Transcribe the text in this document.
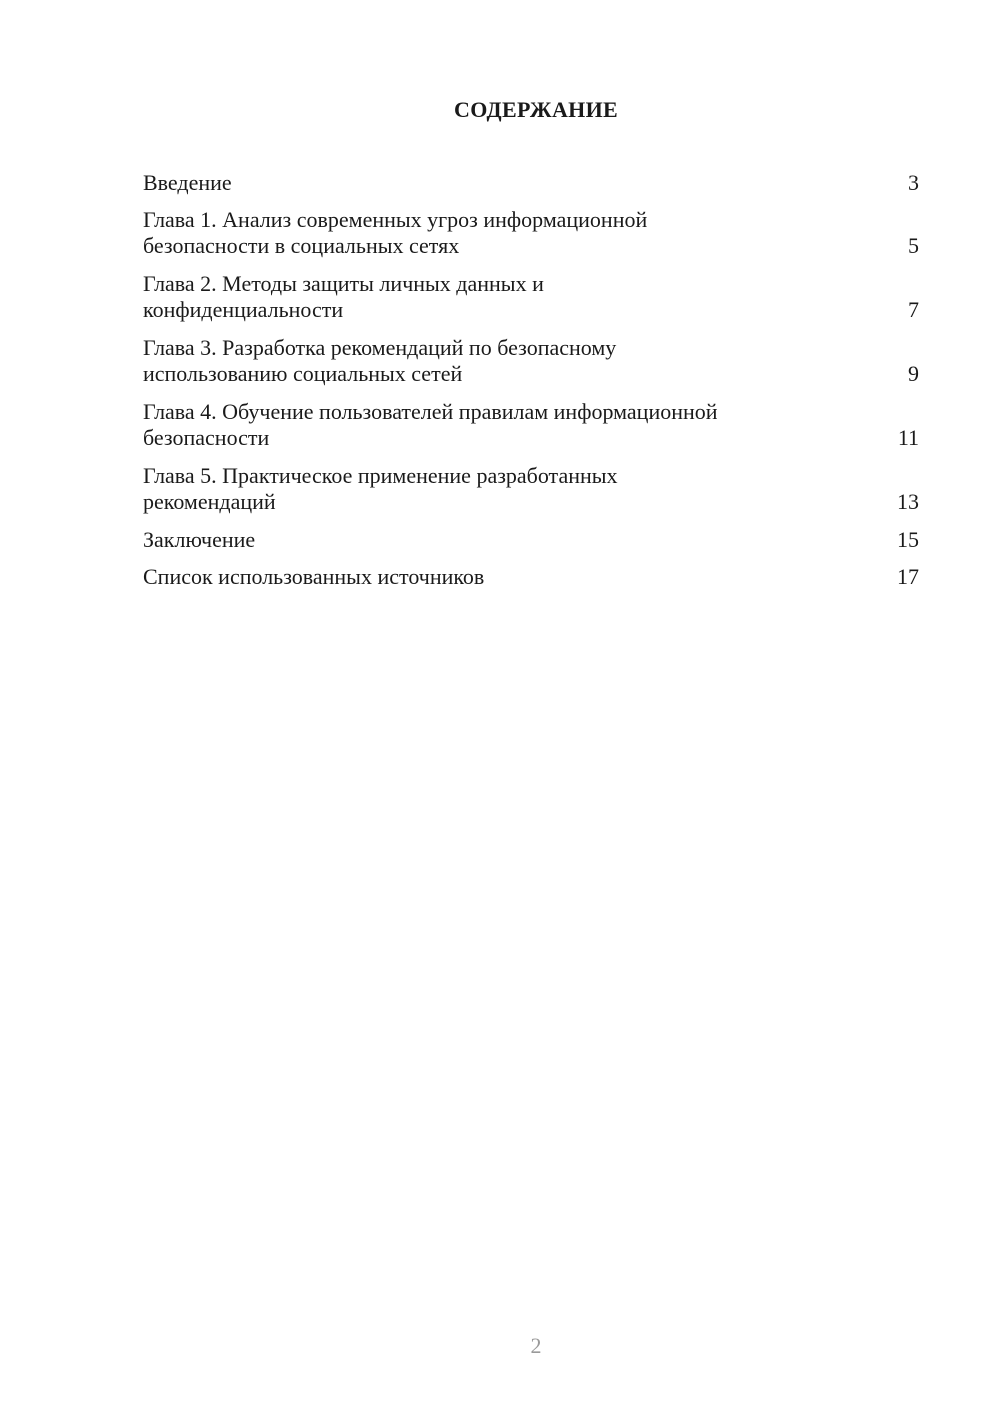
СОДЕРЖАНИЕ
Введение	3
Глава 1. Анализ современных угроз информационной
безопасности в социальных сетях	5
Глава 2. Методы защиты личных данных и
конфиденциальности	7
Глава 3. Разработка рекомендаций по безопасному
использованию социальных сетей	9
Глава 4. Обучение пользователей правилам информационной
безопасности	11
Глава 5. Практическое применение разработанных
рекомендаций	13
Заключение	15
Список использованных источников	17
2
